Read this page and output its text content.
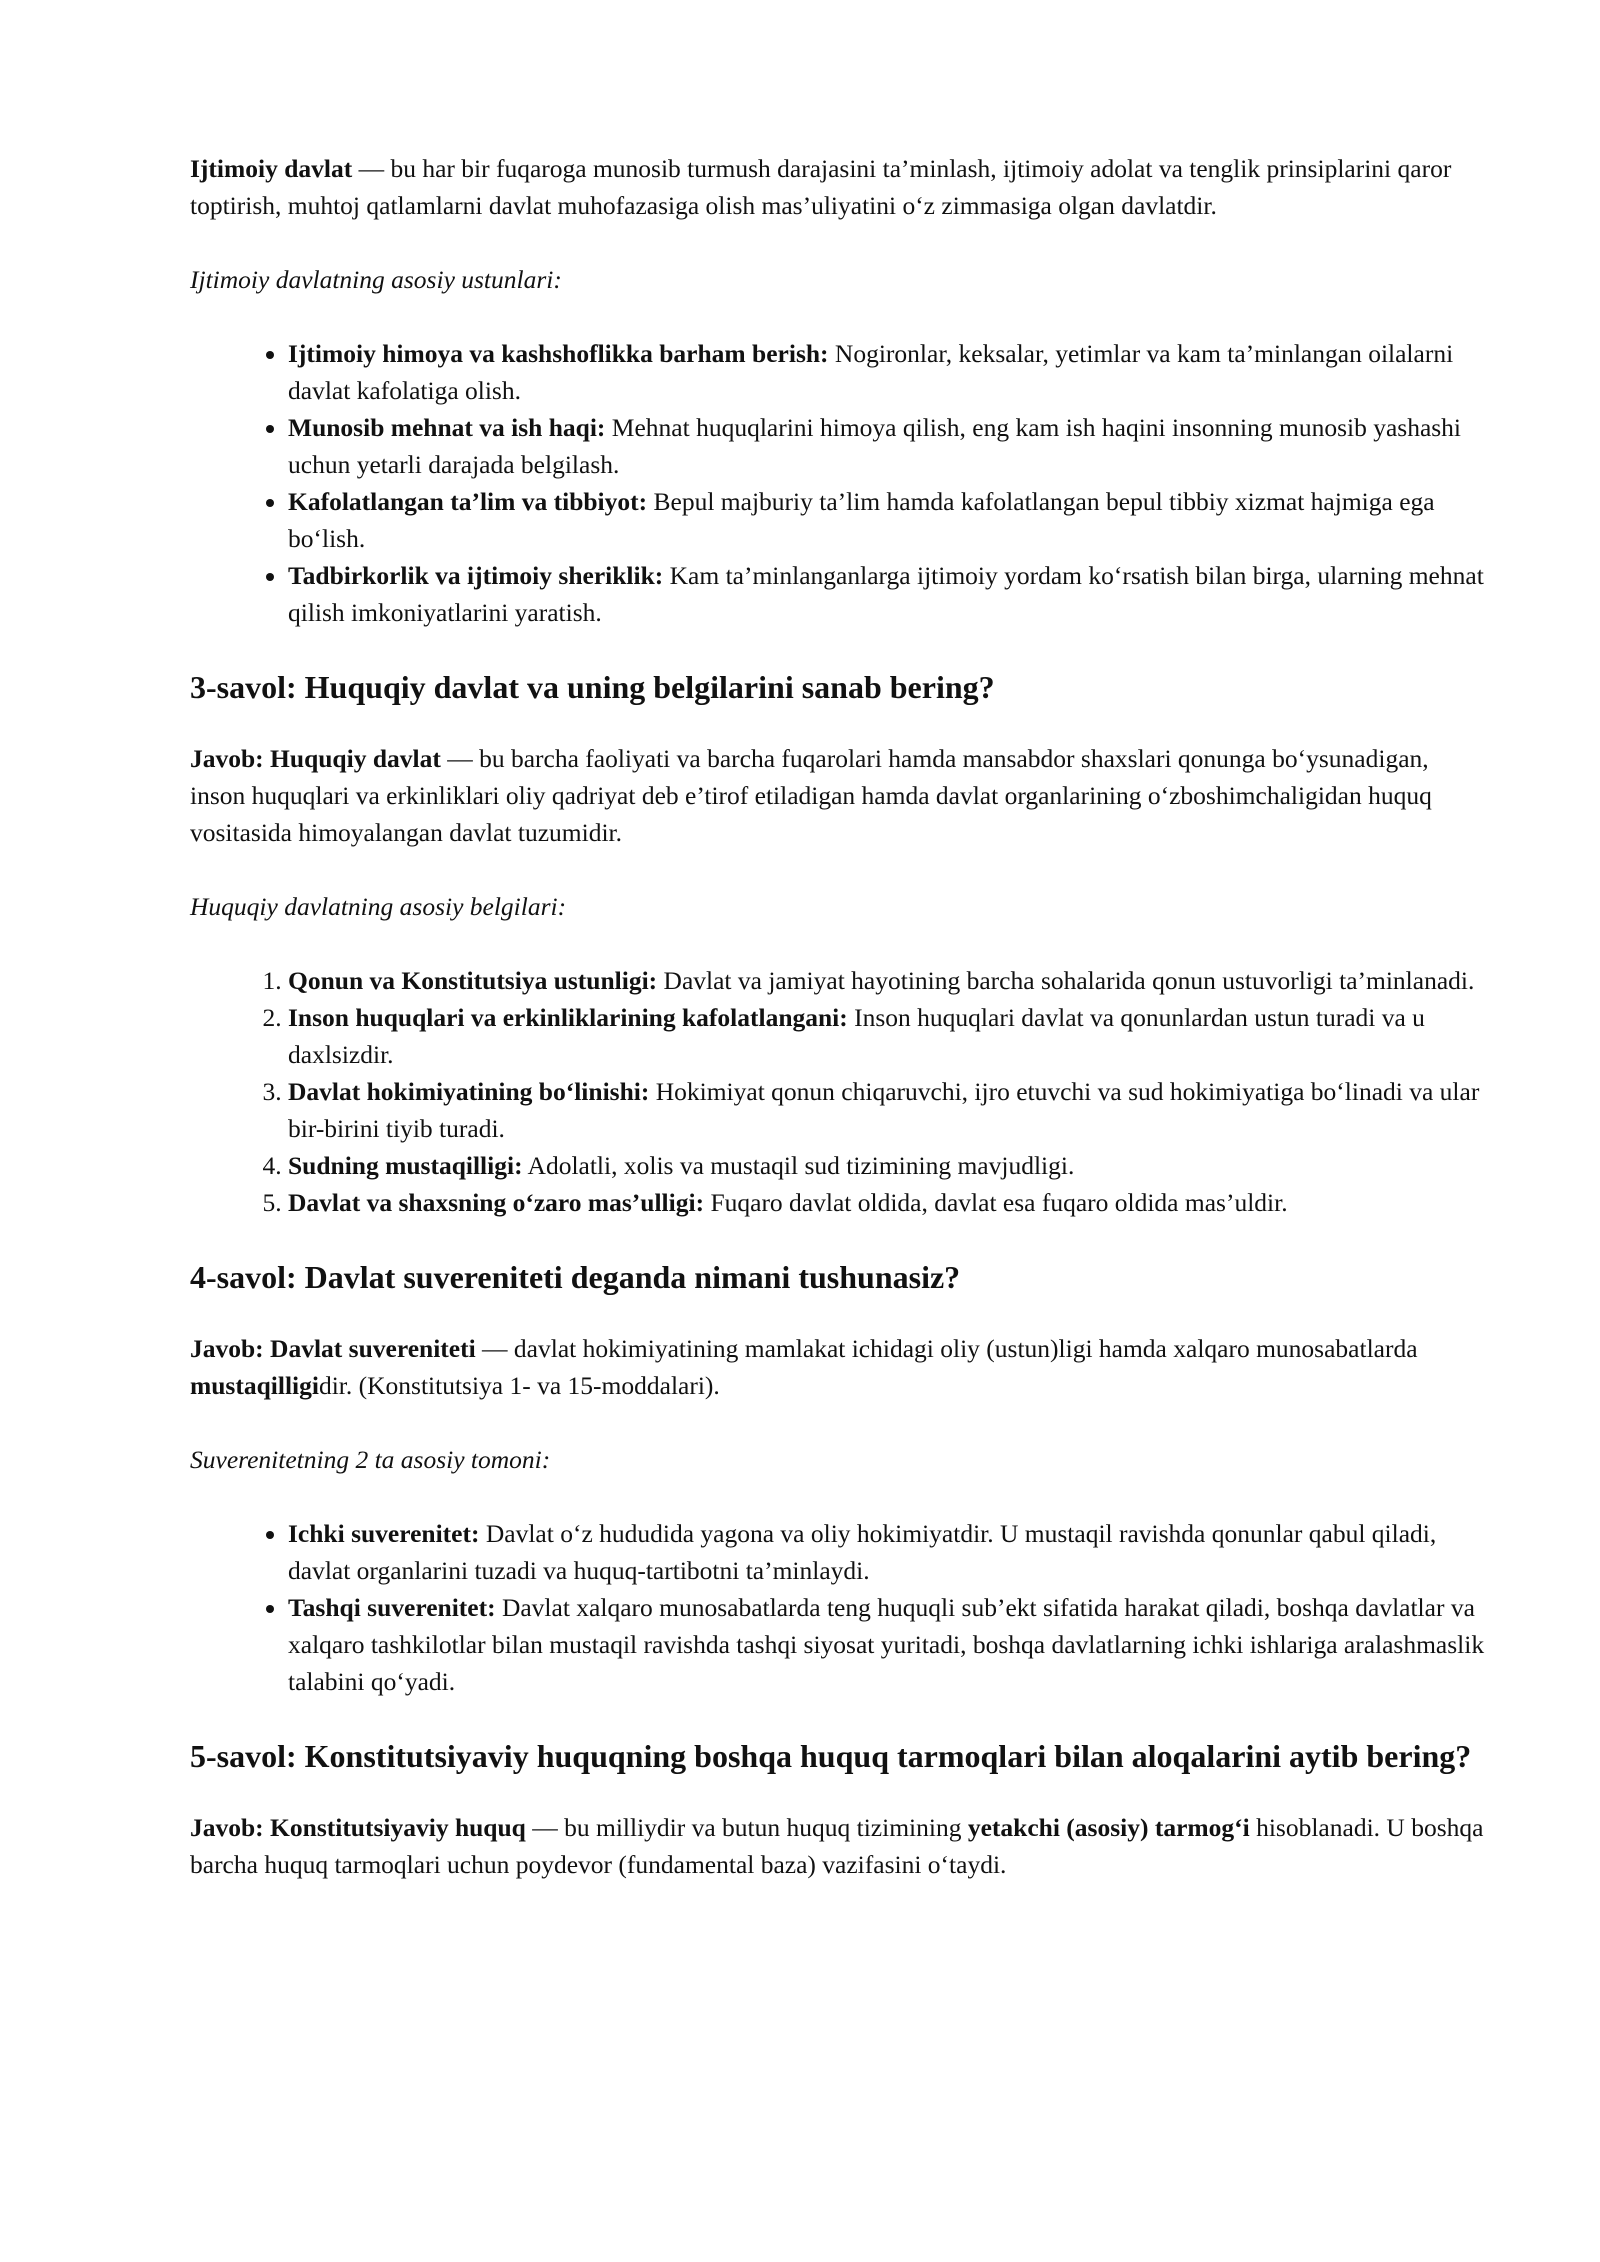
Ijtimoiy davlat — bu har bir fuqaroga munosib turmush darajasini ta’minlash, ijtimoiy adolat va tenglik prinsiplarini qaror toptirish, muhtoj qatlamlarni davlat muhofazasiga olish mas’uliyatini o‘z zimmasiga olgan davlatdir.

Ijtimoiy davlatning asosiy ustunlari:

• Ijtimoiy himoya va kashshoflikka barham berish: Nogironlar, keksalar, yetimlar va kam ta’minlangan oilalarni davlat kafolatiga olish.
• Munosib mehnat va ish haqi: Mehnat huquqlarini himoya qilish, eng kam ish haqini insonning munosib yashashi uchun yetarli darajada belgilash.
• Kafolatlangan ta’lim va tibbiyot: Bepul majburiy ta’lim hamda kafolatlangan bepul tibbiy xizmat hajmiga ega bo‘lish.
• Tadbirkorlik va ijtimoiy sheriklik: Kam ta’minlanganlarga ijtimoiy yordam ko‘rsatish bilan birga, ularning mehnat qilish imkoniyatlarini yaratish.
3-savol: Huquqiy davlat va uning belgilarini sanab bering?

Javob: Huquqiy davlat — bu barcha faoliyati va barcha fuqarolari hamda mansabdor shaxslari qonunga bo‘ysunadigan, inson huquqlari va erkinliklari oliy qadriyat deb e’tirof etiladigan hamda davlat organlarining o‘zboshimchaligidan huquq vositasida himoyalangan davlat tuzumidir.

Huquqiy davlatning asosiy belgilari:

1. Qonun va Konstitutsiya ustunligi: Davlat va jamiyat hayotining barcha sohalarida qonun ustuvorligi ta’minlanadi.
2. Inson huquqlari va erkinliklarining kafolatlangani: Inson huquqlari davlat va qonunlardan ustun turadi va u daxlsizdir.
3. Davlat hokimiyatining bo‘linishi: Hokimiyat qonun chiqaruvchi, ijro etuvchi va sud hokimiyatiga bo‘linadi va ular bir-birini tiyib turadi.
4. Sudning mustaqilligi: Adolatli, xolis va mustaqil sud tizimining mavjudligi.
5. Davlat va shaxsning o‘zaro mas’ulligi: Fuqaro davlat oldida, davlat esa fuqaro oldida mas’uldir.
4-savol: Davlat suvereniteti deganda nimani tushunasiz?

Javob: Davlat suvereniteti — davlat hokimiyatining mamlakat ichidagi oliy (ustun)ligi hamda xalqaro munosabatlarda mustaqilligidir. (Konstitutsiya 1- va 15-moddalari).

Suverenitetning 2 ta asosiy tomoni:

• Ichki suverenitet: Davlat o‘z hududida yagona va oliy hokimiyatdir. U mustaqil ravishda qonunlar qabul qiladi, davlat organlarini tuzadi va huquq-tartibotni ta’minlaydi.
• Tashqi suverenitet: Davlat xalqaro munosabatlarda teng huquqli sub’ekt sifatida harakat qiladi, boshqa davlatlar va xalqaro tashkilotlar bilan mustaqil ravishda tashqi siyosat yuritadi, boshqa davlatlarning ichki ishlariga aralashmaslik talabini qo‘yadi.
5-savol: Konstitutsiyaviy huquqning boshqa huquq tarmoqlari bilan aloqalarini aytib bering?

Javob: Konstitutsiyaviy huquq — bu milliydir va butun huquq tizimining yetakchi (asosiy) tarmog‘i hisoblanadi. U boshqa barcha huquq tarmoqlari uchun poydevor (fundamental baza) vazifasini o‘taydi.
